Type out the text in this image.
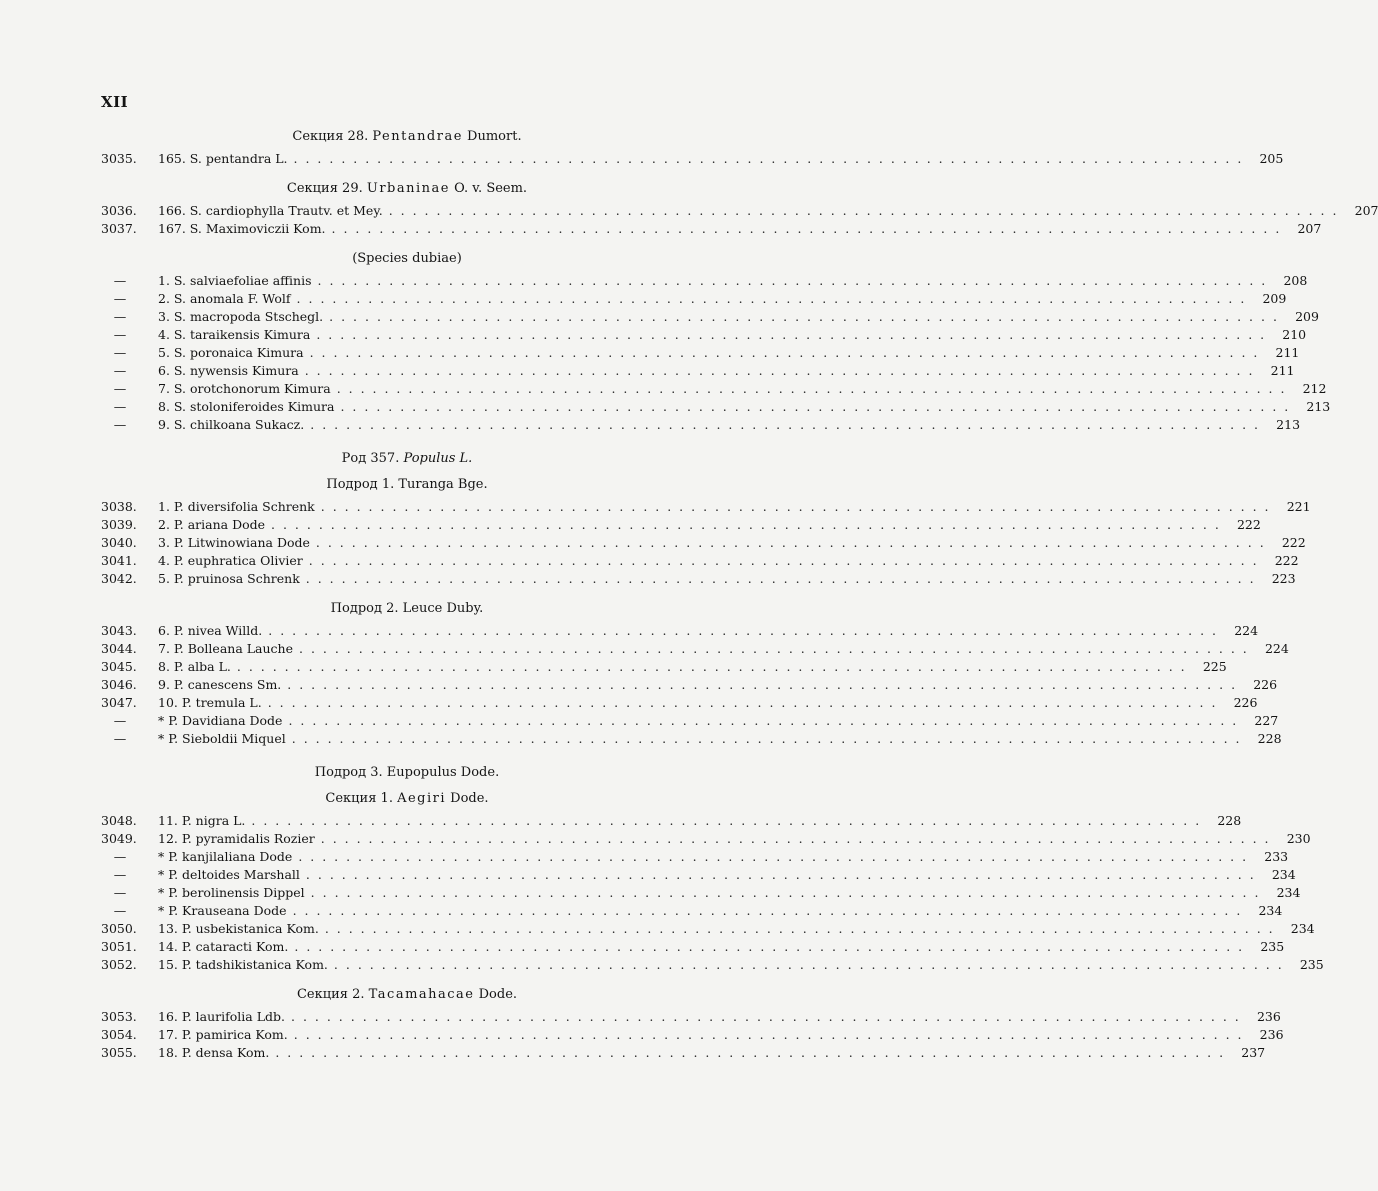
XII
Секция 28. Pentandrae Dumort.
3035.	165. S. pentandra L. . . . . . . . . . . . . . . . . . . . . . . . . . . . . . . . . . . . . . . . . . . . . . . . . . . . . . . . . . . . . . . . . . . . . . . . . . . . . . . . .	205
Секция 29. Urbaninae O. v. Seem.
3036.	166. S. cardiophylla Trautv. et Mey. . . . . . . . . . . . . . . . . . . . . . . . . . . . . . . . . . . . . . . . . . . . . . . . . . . . . . . . . . . . . . . . . . . . . . . . . . . . . . . . .	207
3037.	167. S. Maximoviczii Kom. . . . . . . . . . . . . . . . . . . . . . . . . . . . . . . . . . . . . . . . . . . . . . . . . . . . . . . . . . . . . . . . . . . . . . . . . . . . . . . . .	207
(Species dubiae)
—	1. S. salviaefoliae affinis . . . . . . . . . . . . . . . . . . . . . . . . . . . . . . . . . . . . . . . . . . . . . . . . . . . . . . . . . . . . . . . . . . . . . . . . . . . . . . . .	208
—	2. S. anomala F. Wolf . . . . . . . . . . . . . . . . . . . . . . . . . . . . . . . . . . . . . . . . . . . . . . . . . . . . . . . . . . . . . . . . . . . . . . . . . . . . . . . .	209
—	3. S. macropoda Stschegl. . . . . . . . . . . . . . . . . . . . . . . . . . . . . . . . . . . . . . . . . . . . . . . . . . . . . . . . . . . . . . . . . . . . . . . . . . . . . . . . .	209
—	4. S. taraikensis Kimura . . . . . . . . . . . . . . . . . . . . . . . . . . . . . . . . . . . . . . . . . . . . . . . . . . . . . . . . . . . . . . . . . . . . . . . . . . . . . . . .	210
—	5. S. poronaica Kimura . . . . . . . . . . . . . . . . . . . . . . . . . . . . . . . . . . . . . . . . . . . . . . . . . . . . . . . . . . . . . . . . . . . . . . . . . . . . . . . .	211
—	6. S. nywensis Kimura . . . . . . . . . . . . . . . . . . . . . . . . . . . . . . . . . . . . . . . . . . . . . . . . . . . . . . . . . . . . . . . . . . . . . . . . . . . . . . . .	211
—	7. S. orotchonorum Kimura . . . . . . . . . . . . . . . . . . . . . . . . . . . . . . . . . . . . . . . . . . . . . . . . . . . . . . . . . . . . . . . . . . . . . . . . . . . . . . . .	212
—	8. S. stoloniferoides Kimura . . . . . . . . . . . . . . . . . . . . . . . . . . . . . . . . . . . . . . . . . . . . . . . . . . . . . . . . . . . . . . . . . . . . . . . . . . . . . . . .	213
—	9. S. chilkoana Sukacz. . . . . . . . . . . . . . . . . . . . . . . . . . . . . . . . . . . . . . . . . . . . . . . . . . . . . . . . . . . . . . . . . . . . . . . . . . . . . . . . .	213
Род 357. Populus L.
Подрод 1. Turanga Bge.
3038.	1. P. diversifolia Schrenk . . . . . . . . . . . . . . . . . . . . . . . . . . . . . . . . . . . . . . . . . . . . . . . . . . . . . . . . . . . . . . . . . . . . . . . . . . . . . . . .	221
3039.	2. P. ariana Dode . . . . . . . . . . . . . . . . . . . . . . . . . . . . . . . . . . . . . . . . . . . . . . . . . . . . . . . . . . . . . . . . . . . . . . . . . . . . . . . .	222
3040.	3. P. Litwinowiana Dode . . . . . . . . . . . . . . . . . . . . . . . . . . . . . . . . . . . . . . . . . . . . . . . . . . . . . . . . . . . . . . . . . . . . . . . . . . . . . . . .	222
3041.	4. P. euphratica Olivier . . . . . . . . . . . . . . . . . . . . . . . . . . . . . . . . . . . . . . . . . . . . . . . . . . . . . . . . . . . . . . . . . . . . . . . . . . . . . . . .	222
3042.	5. P. pruinosa Schrenk . . . . . . . . . . . . . . . . . . . . . . . . . . . . . . . . . . . . . . . . . . . . . . . . . . . . . . . . . . . . . . . . . . . . . . . . . . . . . . . .	223
Подрод 2. Leuce Duby.
3043.	6. P. nivea Willd. . . . . . . . . . . . . . . . . . . . . . . . . . . . . . . . . . . . . . . . . . . . . . . . . . . . . . . . . . . . . . . . . . . . . . . . . . . . . . . . .	224
3044.	7. P. Bolleana Lauche . . . . . . . . . . . . . . . . . . . . . . . . . . . . . . . . . . . . . . . . . . . . . . . . . . . . . . . . . . . . . . . . . . . . . . . . . . . . . . . .	224
3045.	8. P. alba L. . . . . . . . . . . . . . . . . . . . . . . . . . . . . . . . . . . . . . . . . . . . . . . . . . . . . . . . . . . . . . . . . . . . . . . . . . . . . . . . .	225
3046.	9. P. canescens Sm. . . . . . . . . . . . . . . . . . . . . . . . . . . . . . . . . . . . . . . . . . . . . . . . . . . . . . . . . . . . . . . . . . . . . . . . . . . . . . . . .	226
3047.	10. P. tremula L. . . . . . . . . . . . . . . . . . . . . . . . . . . . . . . . . . . . . . . . . . . . . . . . . . . . . . . . . . . . . . . . . . . . . . . . . . . . . . . . .	226
—	* P. Davidiana Dode . . . . . . . . . . . . . . . . . . . . . . . . . . . . . . . . . . . . . . . . . . . . . . . . . . . . . . . . . . . . . . . . . . . . . . . . . . . . . . . .	227
—	* P. Sieboldii Miquel . . . . . . . . . . . . . . . . . . . . . . . . . . . . . . . . . . . . . . . . . . . . . . . . . . . . . . . . . . . . . . . . . . . . . . . . . . . . . . . .	228
Подрод 3. Eupopulus Dode.
Секция 1. Aegiri Dode.
3048.	11. P. nigra L. . . . . . . . . . . . . . . . . . . . . . . . . . . . . . . . . . . . . . . . . . . . . . . . . . . . . . . . . . . . . . . . . . . . . . . . . . . . . . . . .	228
3049.	12. P. pyramidalis Rozier . . . . . . . . . . . . . . . . . . . . . . . . . . . . . . . . . . . . . . . . . . . . . . . . . . . . . . . . . . . . . . . . . . . . . . . . . . . . . . . .	230
—	* P. kanjilaliana Dode . . . . . . . . . . . . . . . . . . . . . . . . . . . . . . . . . . . . . . . . . . . . . . . . . . . . . . . . . . . . . . . . . . . . . . . . . . . . . . . .	233
—	* P. deltoides Marshall . . . . . . . . . . . . . . . . . . . . . . . . . . . . . . . . . . . . . . . . . . . . . . . . . . . . . . . . . . . . . . . . . . . . . . . . . . . . . . . .	234
—	* P. berolinensis Dippel . . . . . . . . . . . . . . . . . . . . . . . . . . . . . . . . . . . . . . . . . . . . . . . . . . . . . . . . . . . . . . . . . . . . . . . . . . . . . . . .	234
—	* P. Krauseana Dode . . . . . . . . . . . . . . . . . . . . . . . . . . . . . . . . . . . . . . . . . . . . . . . . . . . . . . . . . . . . . . . . . . . . . . . . . . . . . . . .	234
3050.	13. P. usbekistanica Kom. . . . . . . . . . . . . . . . . . . . . . . . . . . . . . . . . . . . . . . . . . . . . . . . . . . . . . . . . . . . . . . . . . . . . . . . . . . . . . . . .	234
3051.	14. P. cataracti Kom. . . . . . . . . . . . . . . . . . . . . . . . . . . . . . . . . . . . . . . . . . . . . . . . . . . . . . . . . . . . . . . . . . . . . . . . . . . . . . . . .	235
3052.	15. P. tadshikistanica Kom. . . . . . . . . . . . . . . . . . . . . . . . . . . . . . . . . . . . . . . . . . . . . . . . . . . . . . . . . . . . . . . . . . . . . . . . . . . . . . . . .	235
Секция 2. Tacamahacae Dode.
3053.	16. P. laurifolia Ldb. . . . . . . . . . . . . . . . . . . . . . . . . . . . . . . . . . . . . . . . . . . . . . . . . . . . . . . . . . . . . . . . . . . . . . . . . . . . . . . . .	236
3054.	17. P. pamirica Kom. . . . . . . . . . . . . . . . . . . . . . . . . . . . . . . . . . . . . . . . . . . . . . . . . . . . . . . . . . . . . . . . . . . . . . . . . . . . . . . . .	236
3055.	18. P. densa Kom. . . . . . . . . . . . . . . . . . . . . . . . . . . . . . . . . . . . . . . . . . . . . . . . . . . . . . . . . . . . . . . . . . . . . . . . . . . . . . . . .	237
